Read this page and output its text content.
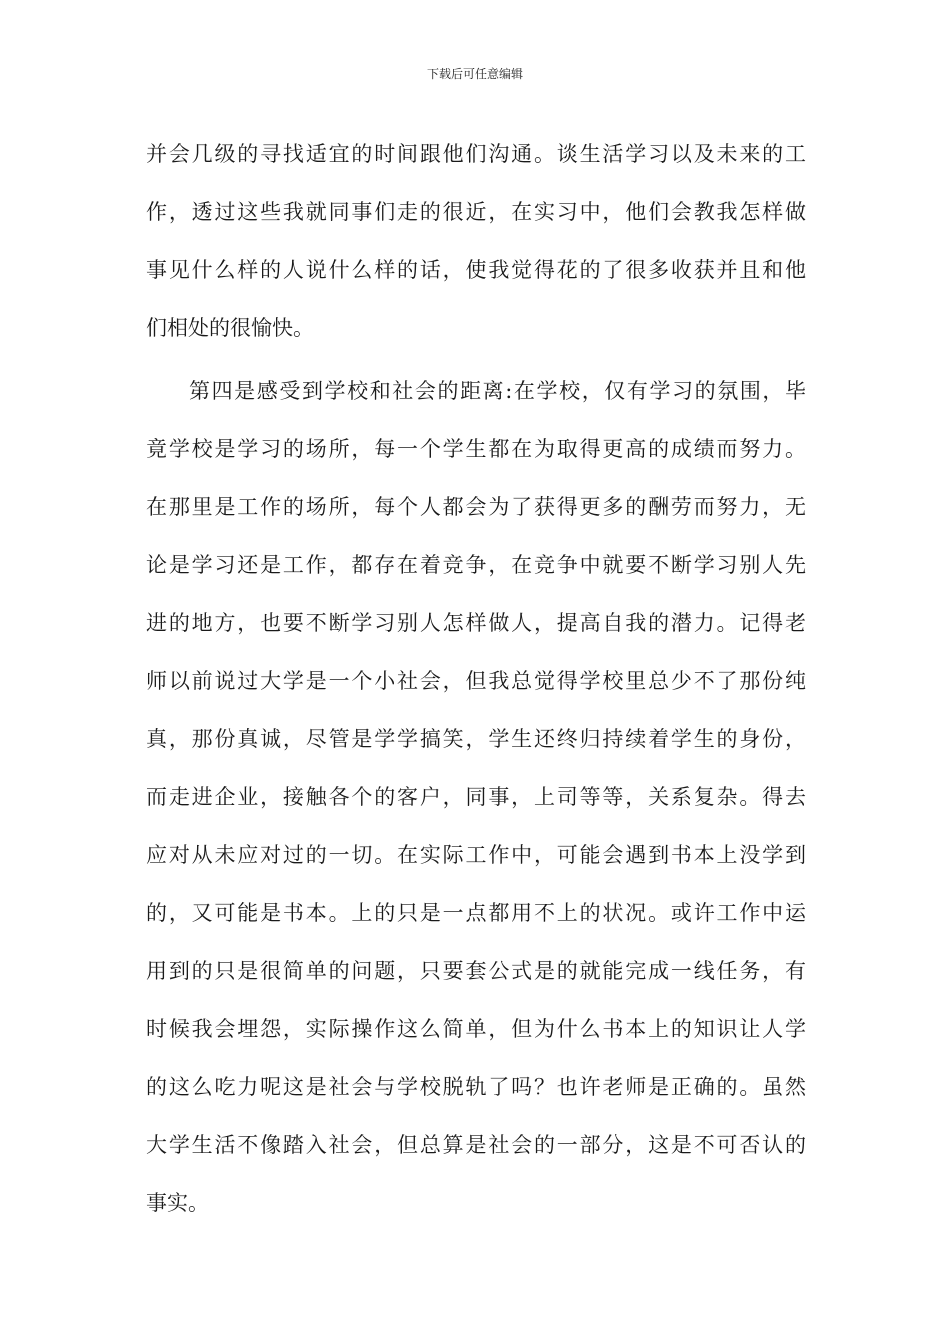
下载后可任意编辑
并会几级的寻找适宜的时间跟他们沟通。谈生活学习以及未来的工
作，透过这些我就同事们走的很近，在实习中，他们会教我怎样做
事见什么样的人说什么样的话，使我觉得花的了很多收获并且和他
们相处的很愉快。
第四是感受到学校和社会的距离:在学校，仅有学习的氛围，毕
竟学校是学习的场所，每一个学生都在为取得更高的成绩而努力。
在那里是工作的场所，每个人都会为了获得更多的酬劳而努力，无
论是学习还是工作，都存在着竞争，在竞争中就要不断学习别人先
进的地方，也要不断学习别人怎样做人，提高自我的潜力。记得老
师以前说过大学是一个小社会，但我总觉得学校里总少不了那份纯
真，那份真诚，尽管是学学搞笑，学生还终归持续着学生的身份，
而走进企业，接触各个的客户，同事，上司等等，关系复杂。得去
应对从未应对过的一切。在实际工作中，可能会遇到书本上没学到
的，又可能是书本。上的只是一点都用不上的状况。或许工作中运
用到的只是很简单的问题，只要套公式是的就能完成一线任务，有
时候我会埋怨，实际操作这么简单，但为什么书本上的知识让人学
的这么吃力呢这是社会与学校脱轨了吗？也许老师是正确的。虽然
大学生活不像踏入社会，但总算是社会的一部分，这是不可否认的
事实。
